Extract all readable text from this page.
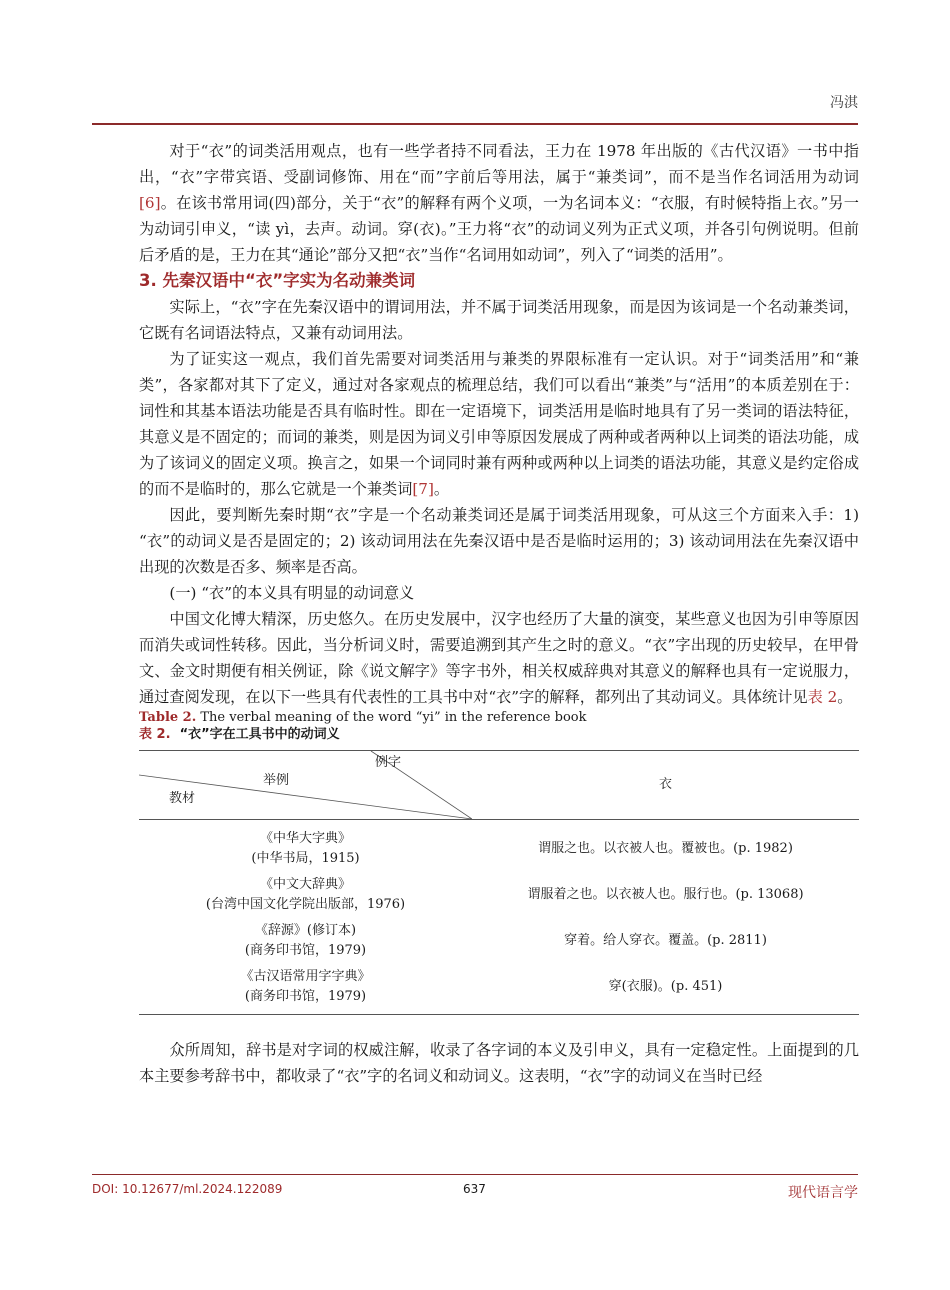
冯淇

对于“衣”的词类活用观点，也有一些学者持不同看法，王力在 1978 年出版的《古代汉语》一书中指出，“衣”字带宾语、受副词修饰、用在“而”字前后等用法，属于“兼类词”，而不是当作名词活用为动词[6]。在该书常用词(四)部分，关于“衣”的解释有两个义项，一为名词本义：“衣服，有时候特指上衣。”另一为动词引申义，“读 yì，去声。动词。穿(衣)。”王力将“衣”的动词义列为正式义项，并各引句例说明。但前后矛盾的是，王力在其“通论”部分又把“衣”当作“名词用如动词”，列入了“词类的活用”。

3. 先秦汉语中“衣”字实为名动兼类词

实际上，“衣”字在先秦汉语中的谓词用法，并不属于词类活用现象，而是因为该词是一个名动兼类词，它既有名词语法特点，又兼有动词用法。

为了证实这一观点，我们首先需要对词类活用与兼类的界限标准有一定认识。对于“词类活用”和“兼类”，各家都对其下了定义，通过对各家观点的梳理总结，我们可以看出“兼类”与“活用”的本质差别在于：词性和其基本语法功能是否具有临时性。即在一定语境下，词类活用是临时地具有了另一类词的语法特征，其意义是不固定的；而词的兼类，则是因为词义引申等原因发展成了两种或者两种以上词类的语法功能，成为了该词义的固定义项。换言之，如果一个词同时兼有两种或两种以上词类的语法功能，其意义是约定俗成的而不是临时的，那么它就是一个兼类词[7]。

因此，要判断先秦时期“衣”字是一个名动兼类词还是属于词类活用现象，可从这三个方面来入手：1) “衣”的动词义是否是固定的；2) 该动词用法在先秦汉语中是否是临时运用的；3) 该动词用法在先秦汉语中出现的次数是否多、频率是否高。

(一) “衣”的本义具有明显的动词意义

中国文化博大精深，历史悠久。在历史发展中，汉字也经历了大量的演变，某些意义也因为引申等原因而消失或词性转移。因此，当分析词义时，需要追溯到其产生之时的意义。“衣”字出现的历史较早，在甲骨文、金文时期便有相关例证，除《说文解字》等字书外，相关权威辞典对其意义的解释也具有一定说服力，通过查阅发现，在以下一些具有代表性的工具书中对“衣”字的解释，都列出了其动词义。具体统计见表 2。

Table 2. The verbal meaning of the word “yi” in the reference book

表 2. “衣”字在工具书中的动词义

例字
举例
教材	衣

《中华大字典》
(中华书局，1915)	谓服之也。以衣被人也。覆被也。(p. 1982)

《中文大辞典》
(台湾中国文化学院出版部，1976)	谓服着之也。以衣被人也。服行也。(p. 13068)

《辞源》(修订本)
(商务印书馆，1979)	穿着。给人穿衣。覆盖。(p. 2811)

《古汉语常用字字典》
(商务印书馆，1979)	穿(衣服)。(p. 451)

众所周知，辞书是对字词的权威注解，收录了各字词的本义及引申义，具有一定稳定性。上面提到的几本主要参考辞书中，都收录了“衣”字的名词义和动词义。这表明，“衣”字的动词义在当时已经

DOI: 10.12677/ml.2024.122089	637	现代语言学
